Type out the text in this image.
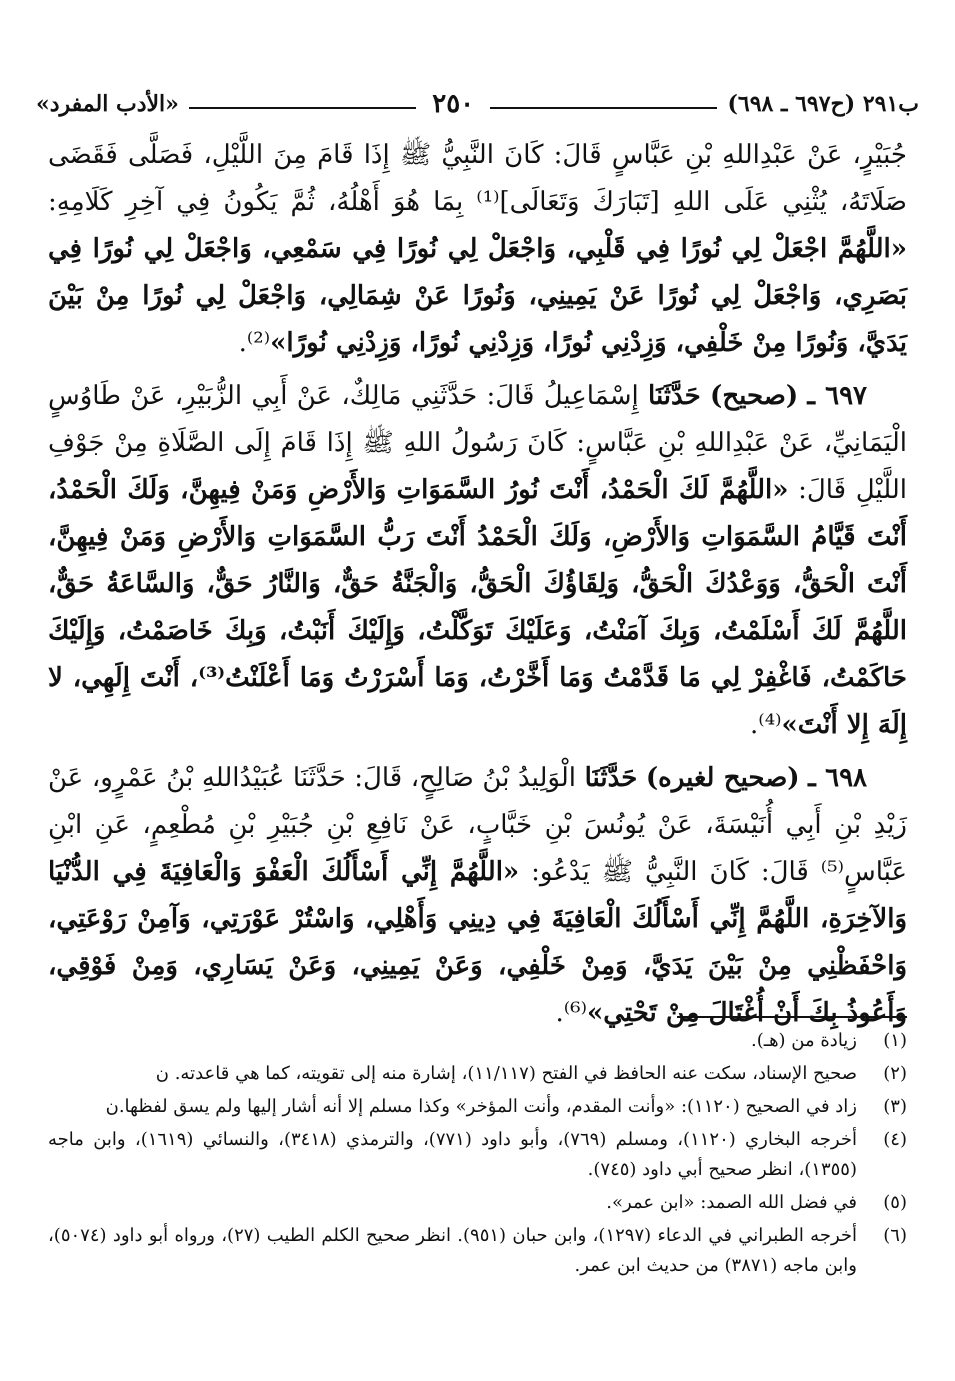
ب٢٩١ (ح٦٩٧ ـ ٦٩٨)
٢٥٠
«الأدب المفرد»

جُبَيْرٍ، عَنْ عَبْدِاللهِ بْنِ عَبَّاسٍ قَالَ: كَانَ النَّبِيُّ ﷺ إِذَا قَامَ مِنَ اللَّيْلِ، فَصَلَّى فَقَضَى صَلَاتَهُ، يُثْنِي عَلَى اللهِ [تَبَارَكَ وَتَعَالَى]⁽¹⁾ بِمَا هُوَ أَهْلُهُ، ثُمَّ يَكُونُ فِي آخِرِ كَلَامِهِ: «اللَّهُمَّ اجْعَلْ لِي نُورًا فِي قَلْبِي، وَاجْعَلْ لِي نُورًا فِي سَمْعِي، وَاجْعَلْ لِي نُورًا فِي بَصَرِي، وَاجْعَلْ لِي نُورًا عَنْ يَمِينِي، وَنُورًا عَنْ شِمَالِي، وَاجْعَلْ لِي نُورًا مِنْ بَيْنَ يَدَيَّ، وَنُورًا مِنْ خَلْفِي، وَزِدْنِي نُورًا، وَزِدْنِي نُورًا، وَزِدْنِي نُورًا»⁽²⁾.

٦٩٧ ـ (صحيح) حَدَّثَنَا إِسْمَاعِيلُ قَالَ: حَدَّثَنِي مَالِكٌ، عَنْ أَبِي الزُّبَيْرِ، عَنْ طَاوُسٍ الْيَمَانِيِّ، عَنْ عَبْدِاللهِ بْنِ عَبَّاسٍ: كَانَ رَسُولُ اللهِ ﷺ إِذَا قَامَ إِلَى الصَّلَاةِ مِنْ جَوْفِ اللَّيْلِ قَالَ: «اللَّهُمَّ لَكَ الْحَمْدُ، أَنْتَ نُورُ السَّمَوَاتِ وَالأَرْضِ وَمَنْ فِيهِنَّ، وَلَكَ الْحَمْدُ، أَنْتَ قَيَّامُ السَّمَوَاتِ وَالأَرْضِ، وَلَكَ الْحَمْدُ أَنْتَ رَبُّ السَّمَوَاتِ وَالأَرْضِ وَمَنْ فِيهِنَّ، أَنْتَ الْحَقُّ، وَوَعْدُكَ الْحَقُّ، وَلِقَاؤُكَ الْحَقُّ، وَالْجَنَّةُ حَقٌّ، وَالنَّارُ حَقٌّ، وَالسَّاعَةُ حَقٌّ، اللَّهُمَّ لَكَ أَسْلَمْتُ، وَبِكَ آمَنْتُ، وَعَلَيْكَ تَوَكَّلْتُ، وَإِلَيْكَ أَنَبْتُ، وَبِكَ خَاصَمْتُ، وَإِلَيْكَ حَاكَمْتُ، فَاغْفِرْ لِي مَا قَدَّمْتُ وَمَا أَخَّرْتُ، وَمَا أَسْرَرْتُ وَمَا أَعْلَنْتُ⁽³⁾، أَنْتَ إِلَهِي، لا إِلَهَ إِلا أَنْتَ»⁽⁴⁾.

٦٩٨ ـ (صحيح لغيره) حَدَّثَنَا الْوَلِيدُ بْنُ صَالِحٍ، قَالَ: حَدَّثَنَا عُبَيْدُاللهِ بْنُ عَمْرٍو، عَنْ زَيْدِ بْنِ أَبِي أُنَيْسَةَ، عَنْ يُونُسَ بْنِ خَبَّابٍ، عَنْ نَافِعِ بْنِ جُبَيْرِ بْنِ مُطْعِمٍ، عَنِ ابْنِ عَبَّاسٍ⁽⁵⁾ قَالَ: كَانَ النَّبِيُّ ﷺ يَدْعُو: «اللَّهُمَّ إِنِّي أَسْأَلُكَ الْعَفْوَ وَالْعَافِيَةَ فِي الدُّنْيَا وَالآخِرَةِ، اللَّهُمَّ إِنِّي أَسْأَلُكَ الْعَافِيَةَ فِي دِينِي وَأَهْلِي، وَاسْتُرْ عَوْرَتِي، وَآمِنْ رَوْعَتِي، وَاحْفَظْنِي مِنْ بَيْنَ يَدَيَّ، وَمِنْ خَلْفِي، وَعَنْ يَمِينِي، وَعَنْ يَسَارِي، وَمِنْ فَوْقِي، وَأَعُوذُ بِكَ أَنْ أُغْتَالَ مِنْ تَحْتِي»⁽⁶⁾.

(١)
زيادة من (هـ).
(٢)
صحيح الإسناد، سكت عنه الحافظ في الفتح (١١/١١٧)، إشارة منه إلى تقويته، كما هي قاعدته. ن
(٣)
زاد في الصحيح (١١٢٠): «وأنت المقدم، وأنت المؤخر» وكذا مسلم إلا أنه أشار إليها ولم يسق لفظها.ن
(٤)
أخرجه البخاري (١١٢٠)، ومسلم (٧٦٩)، وأبو داود (٧٧١)، والترمذي (٣٤١٨)، والنسائي (١٦١٩)، وابن ماجه (١٣٥٥)، انظر صحيح أبي داود (٧٤٥).
(٥)
في فضل الله الصمد: «ابن عمر».
(٦)
أخرجه الطبراني في الدعاء (١٢٩٧)، وابن حبان (٩٥١). انظر صحيح الكلم الطيب (٢٧)، ورواه أبو داود (٥٠٧٤)، وابن ماجه (٣٨٧١) من حديث ابن عمر.
